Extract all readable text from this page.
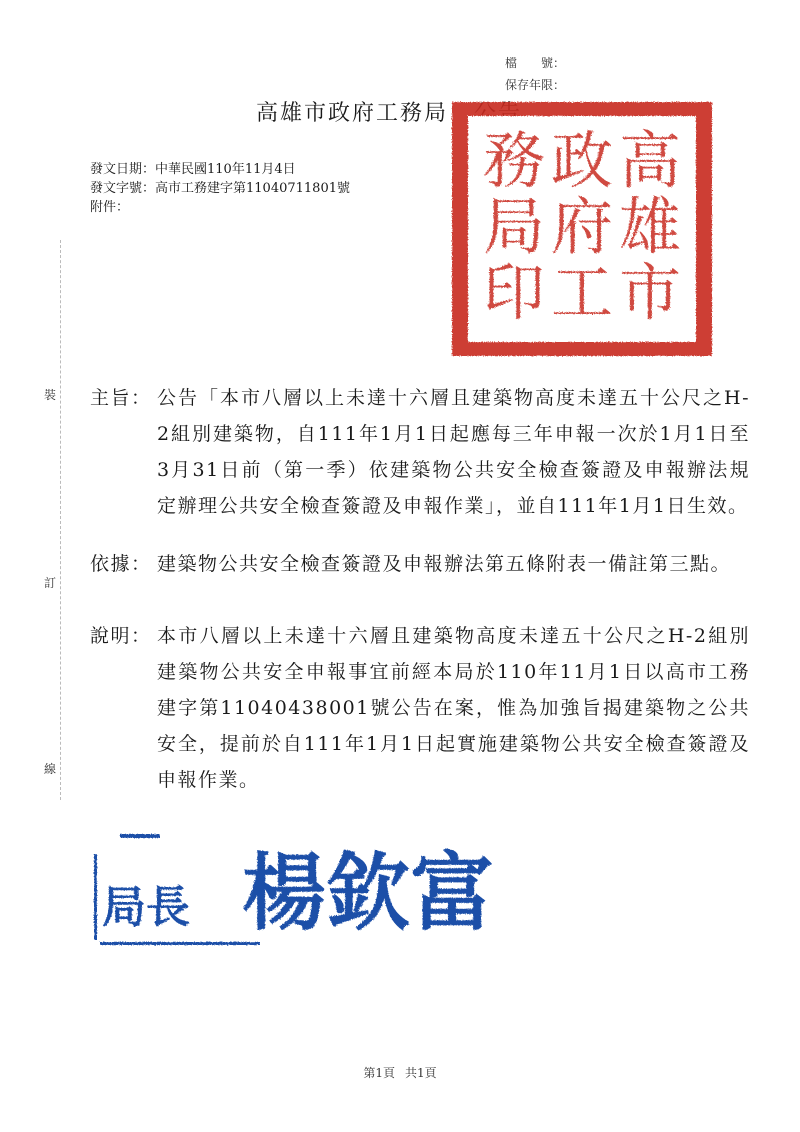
檔　　號：
保存年限：
高雄市政府工務局
高
雄
市
政
府
工
務
局
印
發文日期：中華民國110年11月4日
發文字號：高市工務建字第11040711801號
附件：
裝
訂
線
主旨： 公告「本市八層以上未達十六層且建築物高度未達五十公尺之H-2組別建築物，自111年1月1日起應每三年申報一次於1月1日至3月31日前（第一季）依建築物公共安全檢查簽證及申報辦法規定辦理公共安全檢查簽證及申報作業」，並自111年1月1日生效。
依據： 建築物公共安全檢查簽證及申報辦法第五條附表一備註第三點。
說明： 本市八層以上未達十六層且建築物高度未達五十公尺之H-2組別建築物公共安全申報事宜前經本局於110年11月1日以高市工務建字第11040438001號公告在案，惟為加強旨揭建築物之公共安全，提前於自111年1月1日起實施建築物公共安全檢查簽證及申報作業。
局長 楊欽富
第1頁 共1頁
